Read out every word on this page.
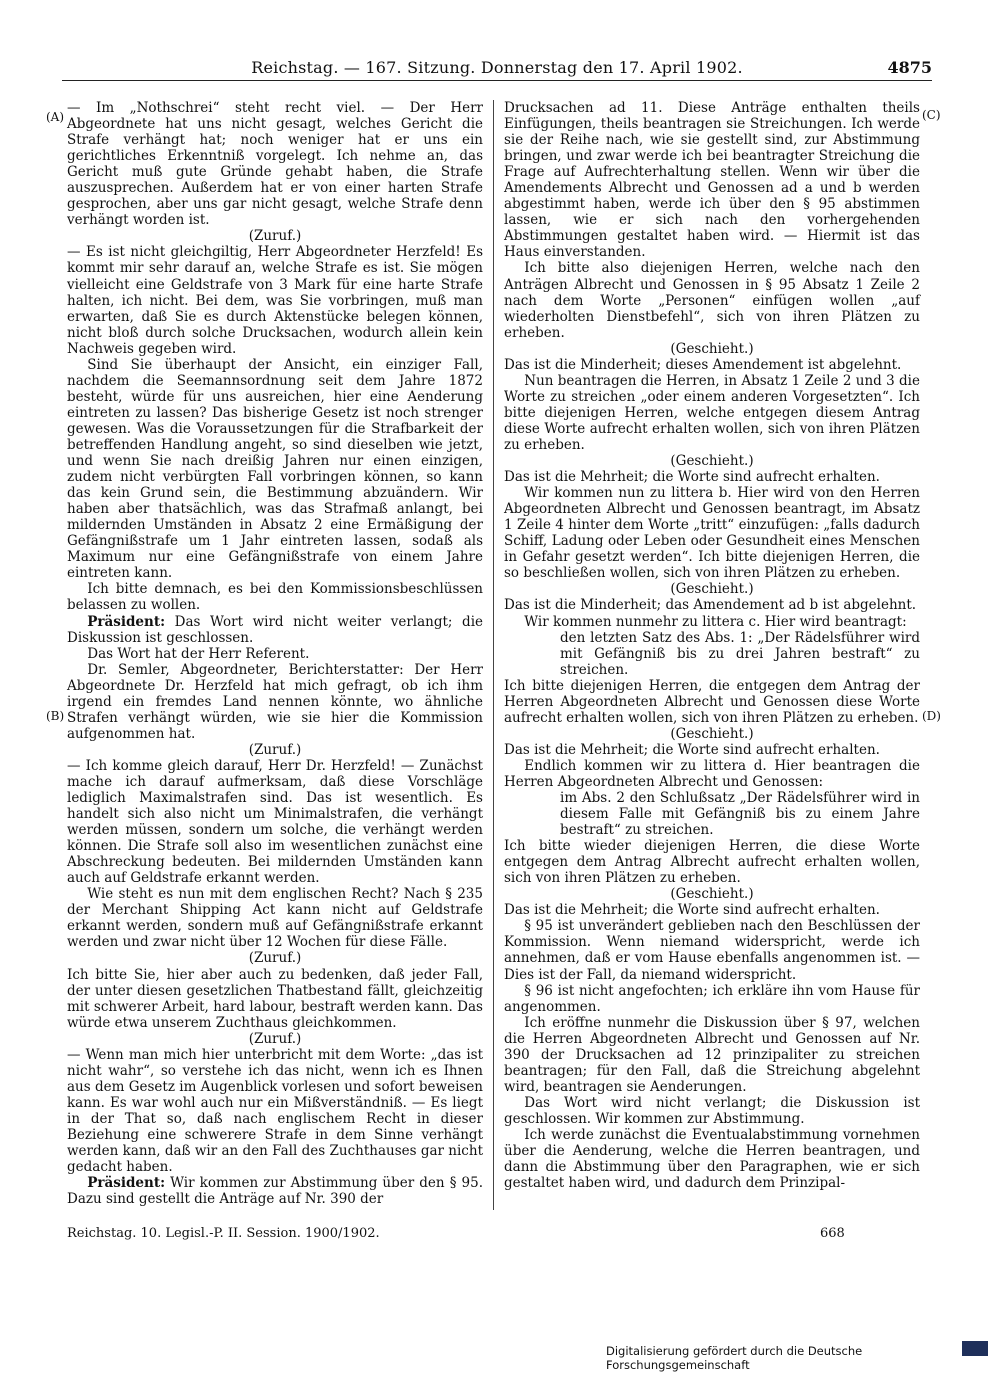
Reichstag. — 167. Sitzung. Donnerstag den 17. April 1902.	4875
(A)
(B)
(C)
(D)

— Im „Nothschrei“ steht recht viel. — Der Herr Abgeordnete hat uns nicht gesagt, welches Gericht die Strafe verhängt hat; noch weniger hat er uns ein gerichtliches Erkenntniß vorgelegt. Ich nehme an, das Gericht muß gute Gründe gehabt haben, die Strafe auszusprechen. Außerdem hat er von einer harten Strafe gesprochen, aber uns gar nicht gesagt, welche Strafe denn verhängt worden ist.

(Zuruf.)

— Es ist nicht gleichgiltig, Herr Abgeordneter Herzfeld! Es kommt mir sehr darauf an, welche Strafe es ist. Sie mögen vielleicht eine Geldstrafe von 3 Mark für eine harte Strafe halten, ich nicht. Bei dem, was Sie vorbringen, muß man erwarten, daß Sie es durch Aktenstücke belegen können, nicht bloß durch solche Drucksachen, wodurch allein kein Nachweis gegeben wird.

Sind Sie überhaupt der Ansicht, ein einziger Fall, nachdem die Seemannsordnung seit dem Jahre 1872 besteht, würde für uns ausreichen, hier eine Aenderung eintreten zu lassen? Das bisherige Gesetz ist noch strenger gewesen. Was die Voraussetzungen für die Strafbarkeit der betreffenden Handlung angeht, so sind dieselben wie jetzt, und wenn Sie nach dreißig Jahren nur einen einzigen, zudem nicht verbürgten Fall vorbringen können, so kann das kein Grund sein, die Bestimmung abzuändern. Wir haben aber thatsächlich, was das Strafmaß anlangt, bei mildernden Umständen in Absatz 2 eine Ermäßigung der Gefängnißstrafe um 1 Jahr eintreten lassen, sodaß als Maximum nur eine Gefängnißstrafe von einem Jahre eintreten kann.

Ich bitte demnach, es bei den Kommissionsbeschlüssen belassen zu wollen.

Präsident: Das Wort wird nicht weiter verlangt; die Diskussion ist geschlossen.

Das Wort hat der Herr Referent.

Dr. Semler, Abgeordneter, Berichterstatter: Der Herr Abgeordnete Dr. Herzfeld hat mich gefragt, ob ich ihm irgend ein fremdes Land nennen könnte, wo ähnliche Strafen verhängt würden, wie sie hier die Kommission aufgenommen hat.

(Zuruf.)

— Ich komme gleich darauf, Herr Dr. Herzfeld! — Zunächst mache ich darauf aufmerksam, daß diese Vorschläge lediglich Maximalstrafen sind. Das ist wesentlich. Es handelt sich also nicht um Minimalstrafen, die verhängt werden müssen, sondern um solche, die verhängt werden können. Die Strafe soll also im wesentlichen zunächst eine Abschreckung bedeuten. Bei mildernden Umständen kann auch auf Geldstrafe erkannt werden.

Wie steht es nun mit dem englischen Recht? Nach § 235 der Merchant Shipping Act kann nicht auf Geldstrafe erkannt werden, sondern muß auf Gefängnißstrafe erkannt werden und zwar nicht über 12 Wochen für diese Fälle.

(Zuruf.)

Ich bitte Sie, hier aber auch zu bedenken, daß jeder Fall, der unter diesen gesetzlichen Thatbestand fällt, gleichzeitig mit schwerer Arbeit, hard labour, bestraft werden kann. Das würde etwa unserem Zuchthaus gleichkommen.

(Zuruf.)

— Wenn man mich hier unterbricht mit dem Worte: „das ist nicht wahr“, so verstehe ich das nicht, wenn ich es Ihnen aus dem Gesetz im Augenblick vorlesen und sofort beweisen kann. Es war wohl auch nur ein Mißverständniß. — Es liegt in der That so, daß nach englischem Recht in dieser Beziehung eine schwerere Strafe in dem Sinne verhängt werden kann, daß wir an den Fall des Zuchthauses gar nicht gedacht haben.

Präsident: Wir kommen zur Abstimmung über den § 95. Dazu sind gestellt die Anträge auf Nr. 390 der

Drucksachen ad 11. Diese Anträge enthalten theils Einfügungen, theils beantragen sie Streichungen. Ich werde sie der Reihe nach, wie sie gestellt sind, zur Abstimmung bringen, und zwar werde ich bei beantragter Streichung die Frage auf Aufrechterhaltung stellen. Wenn wir über die Amendements Albrecht und Genossen ad a und b werden abgestimmt haben, werde ich über den § 95 abstimmen lassen, wie er sich nach den vorhergehenden Abstimmungen gestaltet haben wird. — Hiermit ist das Haus einverstanden.

Ich bitte also diejenigen Herren, welche nach den Anträgen Albrecht und Genossen in § 95 Absatz 1 Zeile 2 nach dem Worte „Personen“ einfügen wollen „auf wiederholten Dienstbefehl“, sich von ihren Plätzen zu erheben.

(Geschieht.)

Das ist die Minderheit; dieses Amendement ist abgelehnt.

Nun beantragen die Herren, in Absatz 1 Zeile 2 und 3 die Worte zu streichen „oder einem anderen Vorgesetzten“. Ich bitte diejenigen Herren, welche entgegen diesem Antrag diese Worte aufrecht erhalten wollen, sich von ihren Plätzen zu erheben.

(Geschieht.)

Das ist die Mehrheit; die Worte sind aufrecht erhalten.

Wir kommen nun zu littera b. Hier wird von den Herren Abgeordneten Albrecht und Genossen beantragt, im Absatz 1 Zeile 4 hinter dem Worte „tritt“ einzufügen: „falls dadurch Schiff, Ladung oder Leben oder Gesundheit eines Menschen in Gefahr gesetzt werden“. Ich bitte diejenigen Herren, die so beschließen wollen, sich von ihren Plätzen zu erheben.

(Geschieht.)

Das ist die Minderheit; das Amendement ad b ist abgelehnt.

Wir kommen nunmehr zu littera c. Hier wird beantragt:

den letzten Satz des Abs. 1: „Der Rädelsführer wird mit Gefängniß bis zu drei Jahren bestraft“ zu streichen.

Ich bitte diejenigen Herren, die entgegen dem Antrag der Herren Abgeordneten Albrecht und Genossen diese Worte aufrecht erhalten wollen, sich von ihren Plätzen zu erheben.

(Geschieht.)

Das ist die Mehrheit; die Worte sind aufrecht erhalten.

Endlich kommen wir zu littera d. Hier beantragen die Herren Abgeordneten Albrecht und Genossen:

im Abs. 2 den Schlußsatz „Der Rädelsführer wird in diesem Falle mit Gefängniß bis zu einem Jahre bestraft“ zu streichen.

Ich bitte wieder diejenigen Herren, die diese Worte entgegen dem Antrag Albrecht aufrecht erhalten wollen, sich von ihren Plätzen zu erheben.

(Geschieht.)

Das ist die Mehrheit; die Worte sind aufrecht erhalten.

§ 95 ist unverändert geblieben nach den Beschlüssen der Kommission. Wenn niemand widerspricht, werde ich annehmen, daß er vom Hause ebenfalls angenommen ist. — Dies ist der Fall, da niemand widerspricht.

§ 96 ist nicht angefochten; ich erkläre ihn vom Hause für angenommen.

Ich eröffne nunmehr die Diskussion über § 97, welchen die Herren Abgeordneten Albrecht und Genossen auf Nr. 390 der Drucksachen ad 12 prinzipaliter zu streichen beantragen; für den Fall, daß die Streichung abgelehnt wird, beantragen sie Aenderungen.

Das Wort wird nicht verlangt; die Diskussion ist geschlossen. Wir kommen zur Abstimmung.

Ich werde zunächst die Eventualabstimmung vornehmen über die Aenderung, welche die Herren beantragen, und dann die Abstimmung über den Paragraphen, wie er sich gestaltet haben wird, und dadurch dem Prinzipal-

Reichstag. 10. Legisl.-P. II. Session. 1900/1902.	668
Digitalisierung gefördert durch die Deutsche Forschungsgemeinschaft
